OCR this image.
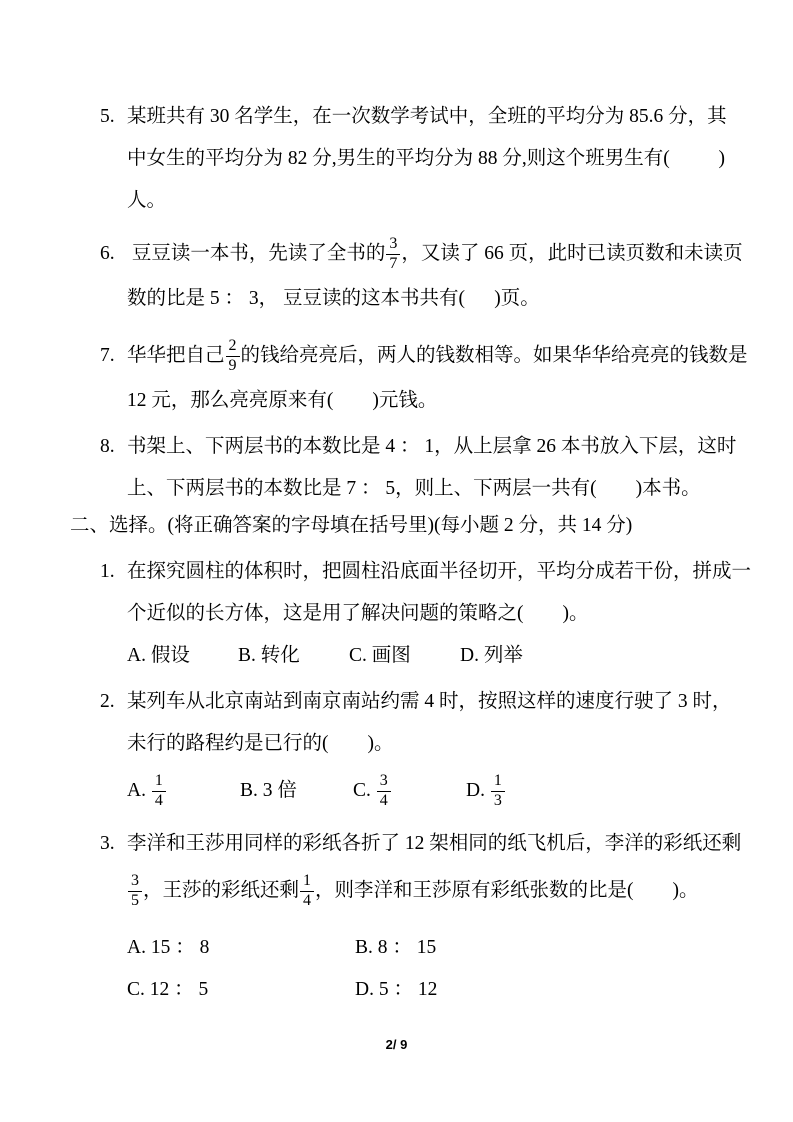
5. 某班共有 30 名学生，在一次数学考试中，全班的平均分为 85.6 分，其
中女生的平均分为 82 分,男生的平均分为 88 分,则这个班男生有(          )
人。
6. 豆豆读一本书，先读了全书的 $\frac{3}{7}$ ，又读了 66 页，此时已读页数和未读页
数的比是 5 ： 3， 豆豆读的这本书共有(      )页。
7. 华华把自己 $\frac{2}{9}$ 的钱给亮亮后，两人的钱数相等。如果华华给亮亮的钱数是
12 元，那么亮亮原来有(        )元钱。
8. 书架上、下两层书的本数比是 4 ： 1，从上层拿 26 本书放入下层，这时
上、下两层书的本数比是 7 ： 5，则上、下两层一共有(        )本书。
二、选择。(将正确答案的字母填在括号里)(每小题 2 分，共 14 分)
1. 在探究圆柱的体积时，把圆柱沿底面半径切开，平均分成若干份，拼成一
个近似的长方体，这是用了解决问题的策略之(        )。
A. 假设 B. 转化	C. 画图	D. 列举
2. 某列车从北京南站到南京南站约需 4 时，按照这样的速度行驶了 3 时，
未行的路程约是已行的(        )。
A. $\frac{1}{4}$	B. 3 倍	C. $\frac{3}{4}$	D. $\frac{1}{3}$
3. 李洋和王莎用同样的彩纸各折了 12 架相同的纸飞机后，李洋的彩纸还剩
$\frac{3}{5}$ ，王莎的彩纸还剩 $\frac{1}{4}$ ，则李洋和王莎原有彩纸张数的比是(        )。
A. 15 ： 8	B. 8 ： 15
C. 12 ： 5	D. 5 ： 12
2/ 9
